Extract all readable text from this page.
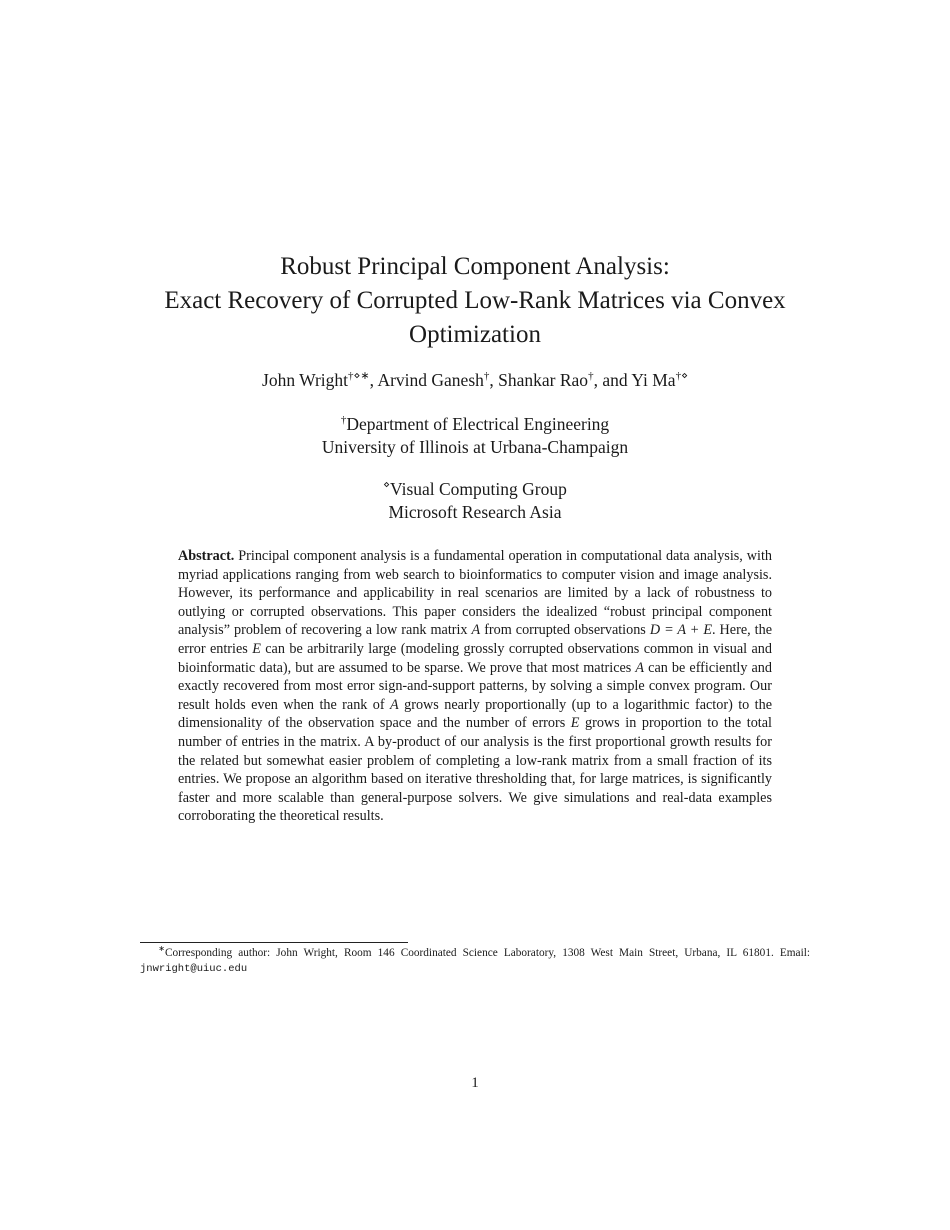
Robust Principal Component Analysis:
Exact Recovery of Corrupted Low-Rank Matrices via Convex
Optimization
John Wright†⋄∗, Arvind Ganesh†, Shankar Rao†, and Yi Ma†⋄
†Department of Electrical Engineering
University of Illinois at Urbana-Champaign
⋄Visual Computing Group
Microsoft Research Asia
Abstract. Principal component analysis is a fundamental operation in computational data analysis, with myriad applications ranging from web search to bioinformatics to computer vision and image analysis. However, its performance and applicability in real scenarios are limited by a lack of robustness to outlying or corrupted observations. This paper considers the idealized “robust principal component analysis” problem of recovering a low rank matrix A from corrupted observations D = A + E. Here, the error entries E can be arbitrarily large (modeling grossly corrupted observations common in visual and bioinformatic data), but are assumed to be sparse. We prove that most matrices A can be efficiently and exactly recovered from most error sign-and-support patterns, by solving a simple convex program. Our result holds even when the rank of A grows nearly proportionally (up to a logarithmic factor) to the dimensionality of the observation space and the number of errors E grows in proportion to the total number of entries in the matrix. A by-product of our analysis is the first proportional growth results for the related but somewhat easier problem of completing a low-rank matrix from a small fraction of its entries. We propose an algorithm based on iterative thresholding that, for large matrices, is significantly faster and more scalable than general-purpose solvers. We give simulations and real-data examples corroborating the theoretical results.
∗Corresponding author: John Wright, Room 146 Coordinated Science Laboratory, 1308 West Main Street, Urbana, IL 61801. Email: jnwright@uiuc.edu
1
